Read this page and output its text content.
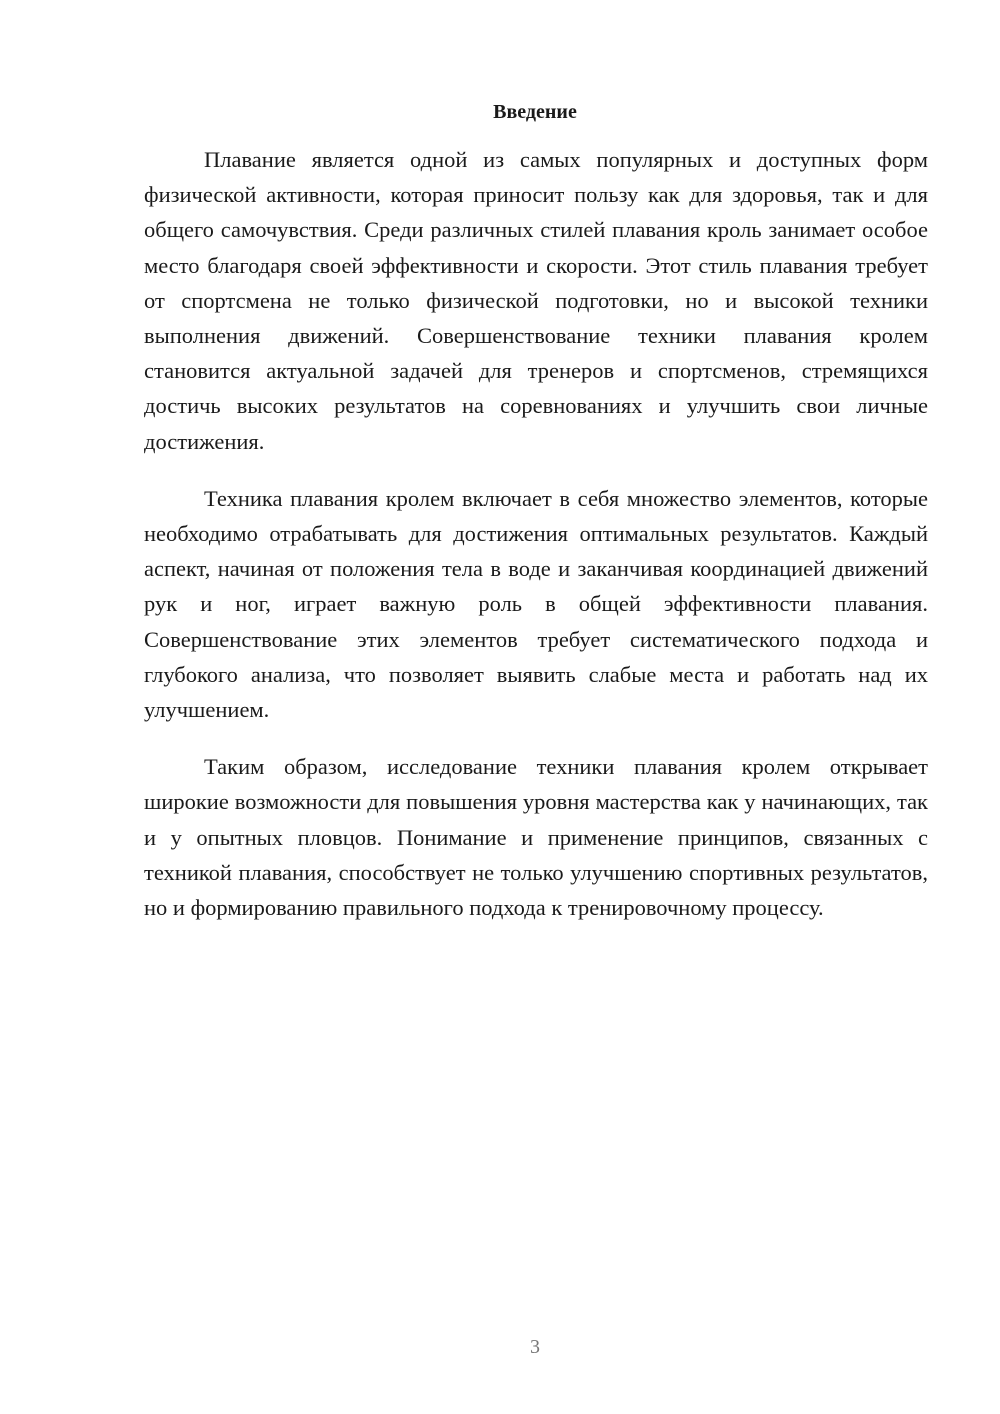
Введение

Плавание является одной из самых популярных и доступных форм физической активности, которая приносит пользу как для здоровья, так и для общего самочувствия. Среди различных стилей плавания кроль занимает особое место благодаря своей эффективности и скорости. Этот стиль плавания требует от спортсмена не только физической подготовки, но и высокой техники выполнения движений. Совершенствование техники плавания кролем становится актуальной задачей для тренеров и спортсменов, стремящихся достичь высоких результатов на соревнованиях и улучшить свои личные достижения.

Техника плавания кролем включает в себя множество элементов, которые необходимо отрабатывать для достижения оптимальных результатов. Каждый аспект, начиная от положения тела в воде и заканчивая координацией движений рук и ног, играет важную роль в общей эффективности плавания. Совершенствование этих элементов требует систематического подхода и глубокого анализа, что позволяет выявить слабые места и работать над их улучшением.

Таким образом, исследование техники плавания кролем открывает широкие возможности для повышения уровня мастерства как у начинающих, так и у опытных пловцов. Понимание и применение принципов, связанных с техникой плавания, способствует не только улучшению спортивных результатов, но и формированию правильного подхода к тренировочному процессу.

3
